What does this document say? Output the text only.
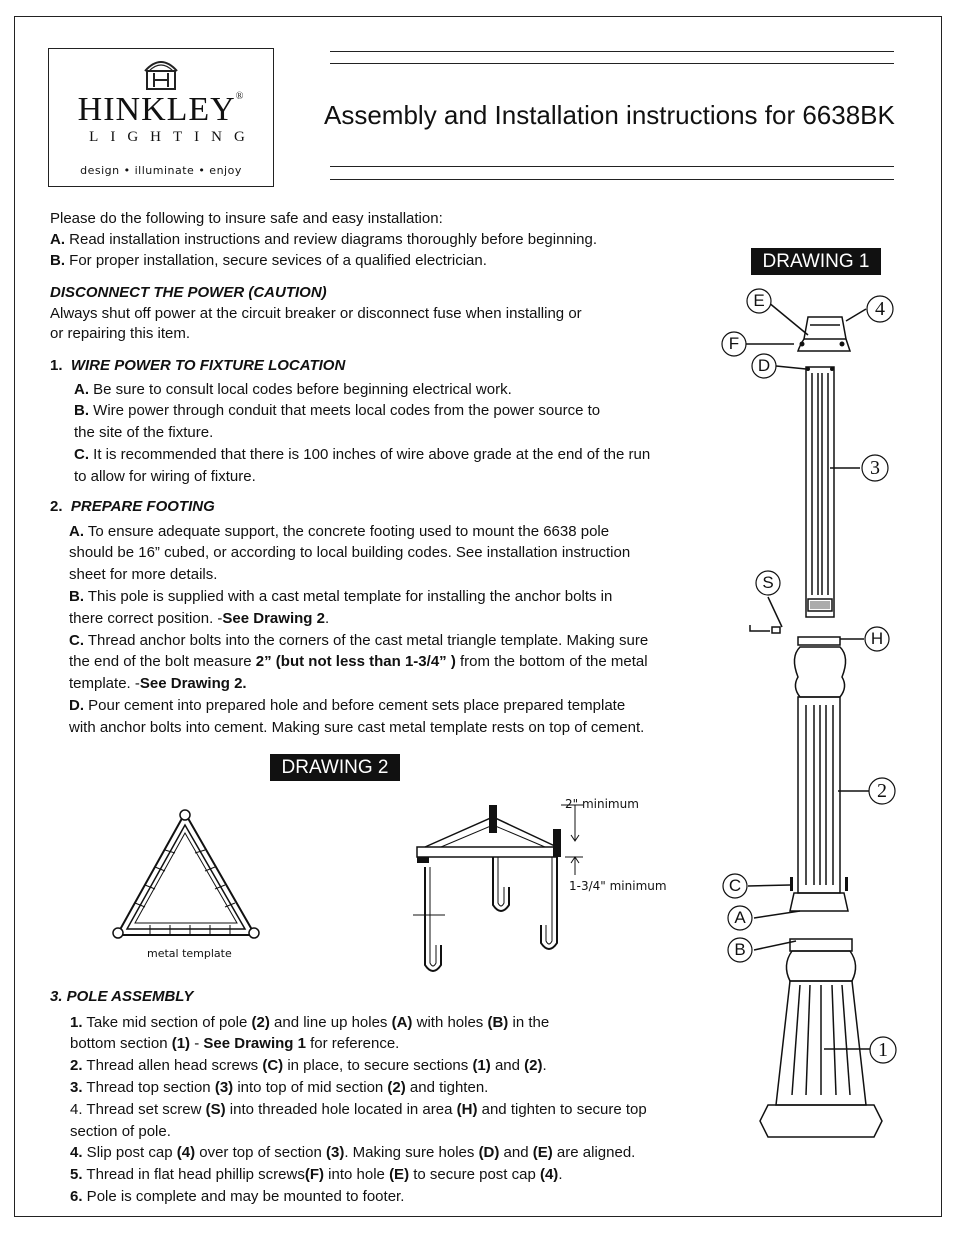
HINKLEY®
LIGHTING
design • illuminate • enjoy
Assembly and Installation instructions for 6638BK
Please do the following to insure safe and easy installation:
A. Read installation instructions and review diagrams thoroughly before beginning.
B. For proper installation, secure sevices of a qualified electrician.
DISCONNECT THE POWER (CAUTION)
Always shut off power at the circuit breaker or disconnect fuse when installing or
or repairing this item.
1. WIRE POWER TO FIXTURE LOCATION
A. Be sure to consult local codes before beginning electrical work.
B. Wire power through conduit that meets local codes from the power source to
the site of the fixture.
C. It is recommended that there is 100 inches of wire above grade at the end of the run
to allow for wiring of fixture.
2. PREPARE FOOTING
A. To ensure adequate support, the concrete footing used to mount the 6638 pole
should be 16” cubed, or according to local building codes. See installation instruction
sheet for more details.
B. This pole is supplied with a cast metal template for installing the anchor bolts in
there correct position. -See Drawing 2.
C. Thread anchor bolts into the corners of the cast metal triangle template. Making sure
the end of the bolt measure 2” (but not less than 1-3/4” ) from the bottom of the metal
template. -See Drawing 2.
D. Pour cement into prepared hole and before cement sets place prepared template
with anchor bolts into cement. Making sure cast metal template rests on top of cement.
DRAWING 2
metal template
2" minimum
1-3/4" minimum
DRAWING 1
E	4
F
D
3
S
H
2
C
A
B
1
3. POLE ASSEMBLY
1. Take mid section of pole (2) and line up holes (A) with holes (B) in the
bottom section (1) - See Drawing 1 for reference.
2. Thread allen head screws (C) in place, to secure sections (1) and (2).
3. Thread top section (3) into top of mid section (2) and tighten.
4. Thread set screw (S) into threaded hole located in area (H) and tighten to secure top
section of pole.
4. Slip post cap (4) over top of section (3). Making sure holes (D) and (E) are aligned.
5. Thread in flat head phillip screws(F) into hole (E) to secure post cap (4).
6. Pole is complete and may be mounted to footer.
